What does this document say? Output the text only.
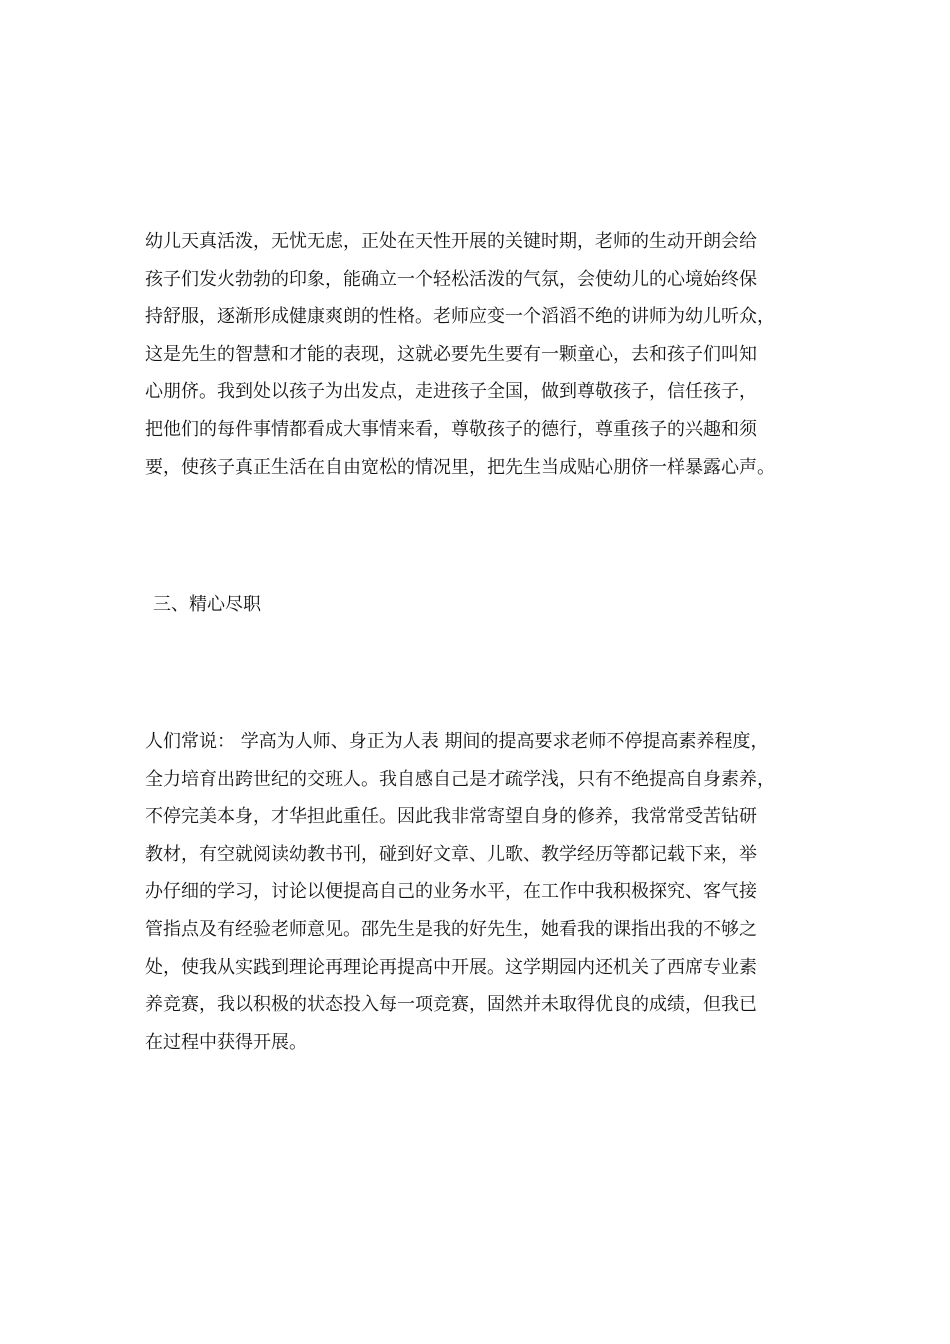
幼儿天真活泼，无忧无虑，正处在天性开展的关键时期，老师的生动开朗会给
孩子们发火勃勃的印象，能确立一个轻松活泼的气氛，会使幼儿的心境始终保
持舒服，逐渐形成健康爽朗的性格。老师应变一个滔滔不绝的讲师为幼儿听众，
这是先生的智慧和才能的表现，这就必要先生要有一颗童心，去和孩子们叫知
心朋侪。我到处以孩子为出发点，走进孩子全国，做到尊敬孩子，信任孩子，
把他们的每件事情都看成大事情来看，尊敬孩子的德行，尊重孩子的兴趣和须
要，使孩子真正生活在自由宽松的情况里，把先生当成贴心朋侪一样暴露心声。
三、精心尽职
人们常说： 学高为人师、身正为人表 期间的提高要求老师不停提高素养程度，
全力培育出跨世纪的交班人。我自感自己是才疏学浅，只有不绝提高自身素养，
不停完美本身，才华担此重任。因此我非常寄望自身的修养，我常常受苦钻研
教材，有空就阅读幼教书刊，碰到好文章、儿歌、教学经历等都记载下来，举
办仔细的学习，讨论以便提高自己的业务水平，在工作中我积极探究、客气接
管指点及有经验老师意见。邵先生是我的好先生，她看我的课指出我的不够之
处，使我从实践到理论再理论再提高中开展。这学期园内还机关了西席专业素
养竞赛，我以积极的状态投入每一项竞赛，固然并未取得优良的成绩，但我已
在过程中获得开展。
